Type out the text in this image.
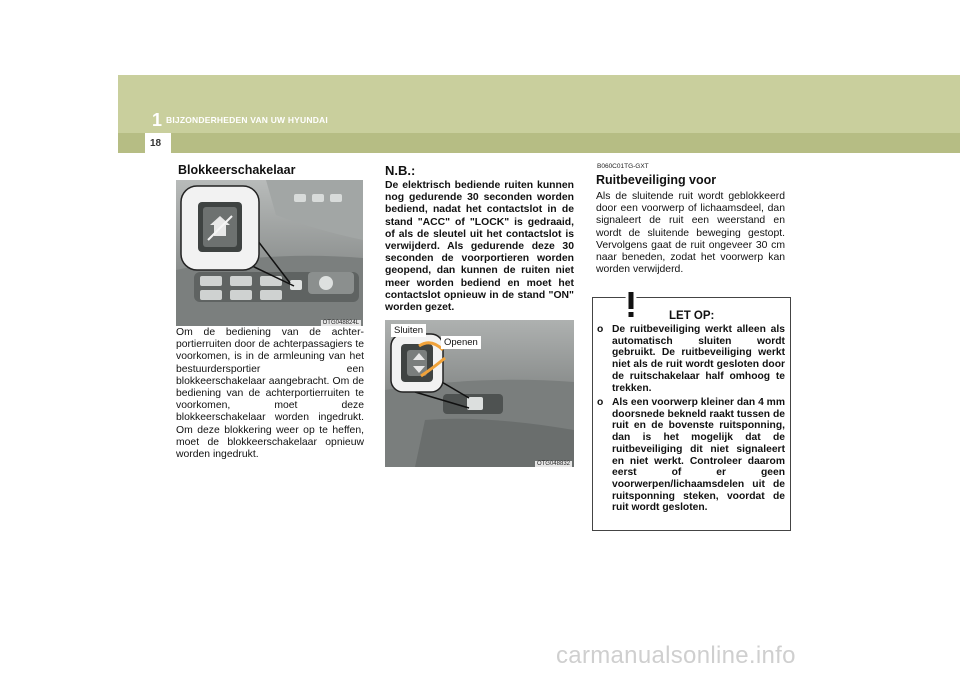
1 BIJZONDERHEDEN VAN UW HYUNDAI
18
Blokkeerschakelaar
OTG048824L
Om de bediening van de achter-portierruiten door de achterpassagiers te voorkomen, is in de armleuning van het bestuurdersportier een blokkeerschakelaar aangebracht. Om de bediening van de achterportierruiten te voorkomen, moet deze blokkeerschakelaar worden ingedrukt. Om deze blokkering weer op te heffen, moet de blokkeerschakelaar opnieuw worden ingedrukt.
N.B.:
De elektrisch bediende ruiten kunnen nog gedurende 30 seconden worden bediend, nadat het contactslot in de stand "ACC" of "LOCK" is gedraaid, of als de sleutel uit het contactslot is verwijderd. Als gedurende deze 30 seconden de voorportieren worden geopend, dan kunnen de ruiten niet meer worden bediend en moet het contactslot opnieuw in de stand "ON" worden gezet.
Sluiten
Openen
OTG048832
B060C01TG-GXT
Ruitbeveiliging voor
Als de sluitende ruit wordt geblokkeerd door een voorwerp of lichaamsdeel, dan signaleert de ruit een weerstand en wordt de sluitende beweging gestopt. Vervolgens gaat de ruit ongeveer 30 cm naar beneden, zodat het voorwerp kan worden verwijderd.
LET OP:
o De ruitbeveiliging werkt alleen als automatisch sluiten wordt gebruikt. De ruitbeveiliging werkt niet als de ruit wordt gesloten door de ruitschakelaar half omhoog te trekken.
o Als een voorwerp kleiner dan 4 mm doorsnede bekneld raakt tussen de ruit en de bovenste ruitsponning, dan is het mogelijk dat de ruitbeveiliging dit niet signaleert en niet werkt. Controleer daarom eerst of er geen voorwerpen/lichaamsdelen uit de ruitsponning steken, voordat de ruit wordt gesloten.
carmanualsonline.info
